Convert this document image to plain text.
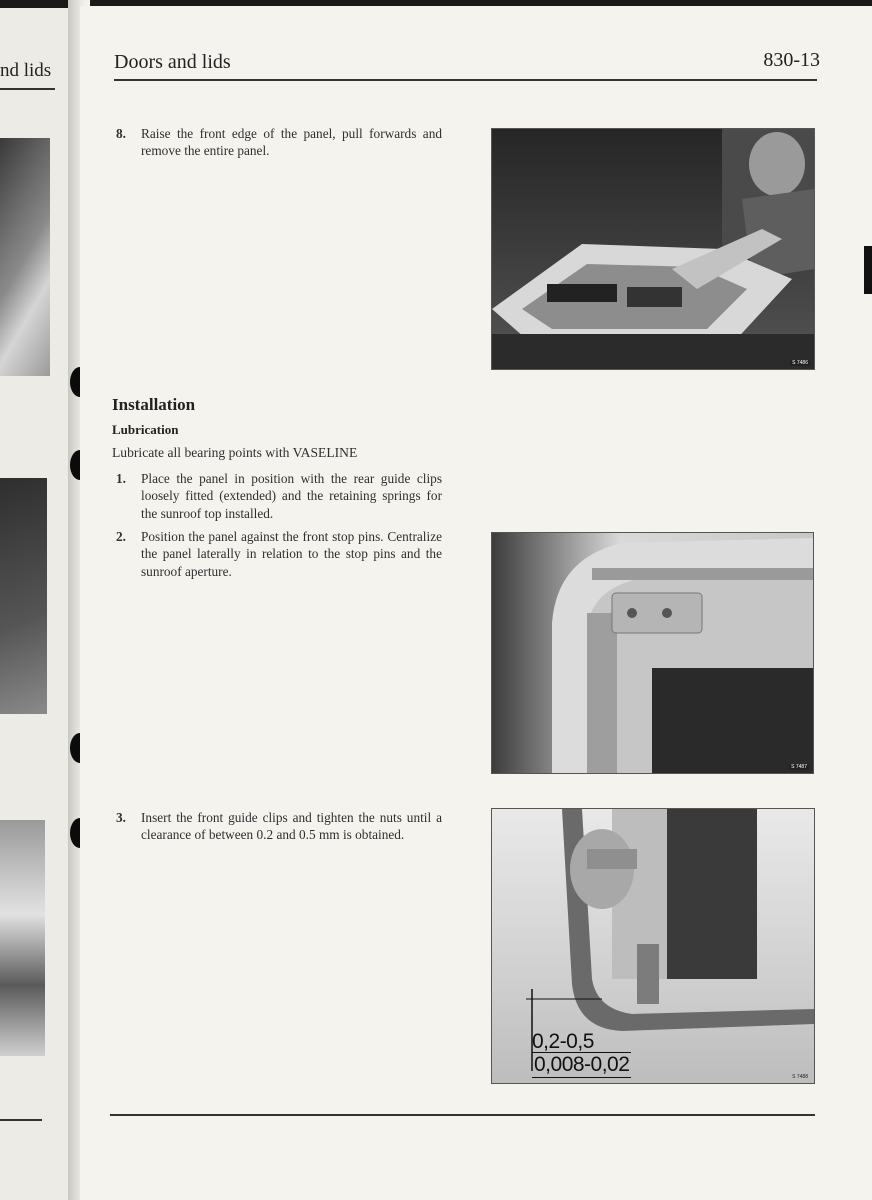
nd lids	Doors and lids	830-13
8. Raise the front edge of the panel, pull forwards and remove the entire panel.
Installation
Lubrication
Lubricate all bearing points with VASELINE
1. Place the panel in position with the rear guide clips loosely fitted (extended) and the retaining springs for the sunroof top installed.
2. Position the panel against the front stop pins. Centralize the panel laterally in relation to the stop pins and the sunroof aperture.
3. Insert the front guide clips and tighten the nuts until a clearance of between 0.2 and 0.5 mm is obtained.
S 7486
S 7487
0,2-0,5
0,008-0,02
S 7488
